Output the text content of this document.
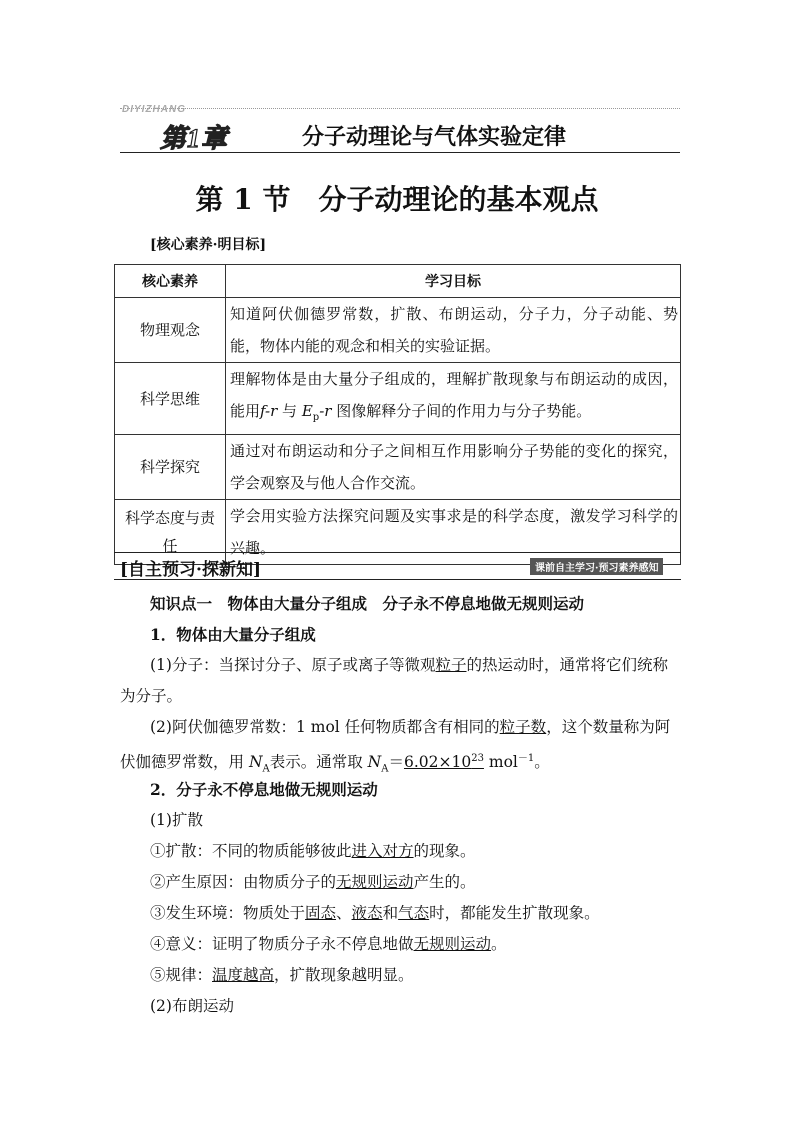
DIYIZHANG
第1章	分子动理论与气体实验定律
第 1 节　分子动理论的基本观点
[核心素养·明目标]
核心素养	学习目标
物理观念	知道阿伏伽德罗常数，扩散、布朗运动，分子力，分子动能、势能，物体内能的观念和相关的实验证据。
科学思维	理解物体是由大量分子组成的，理解扩散现象与布朗运动的成因，能用f-r 与 $E_p-r$ 图像解释分子间的作用力与分子势能。
科学探究	通过对布朗运动和分子之间相互作用影响分子势能的变化的探究，学会观察及与他人合作交流。
科学态度与责任	学会用实验方法探究问题及实事求是的科学态度，激发学习科学的兴趣。
[自主预习·探新知]	课前自主学习·预习素养感知
知识点一　物体由大量分子组成　分子永不停息地做无规则运动
1．物体由大量分子组成
(1)分子：当探讨分子、原子或离子等微观粒子的热运动时，通常将它们统称为分子。
(2)阿伏伽德罗常数：1 mol 任何物质都含有相同的粒子数，这个数量称为阿伏伽德罗常数，用 $N_A$表示。通常取 $N_A=6.02\times 10^{23}$ mol$^{-1}$。
2．分子永不停息地做无规则运动
(1)扩散
①扩散：不同的物质能够彼此进入对方的现象。
②产生原因：由物质分子的无规则运动产生的。
③发生环境：物质处于固态、液态和气态时，都能发生扩散现象。
④意义：证明了物质分子永不停息地做无规则运动。
⑤规律：温度越高，扩散现象越明显。
(2)布朗运动
